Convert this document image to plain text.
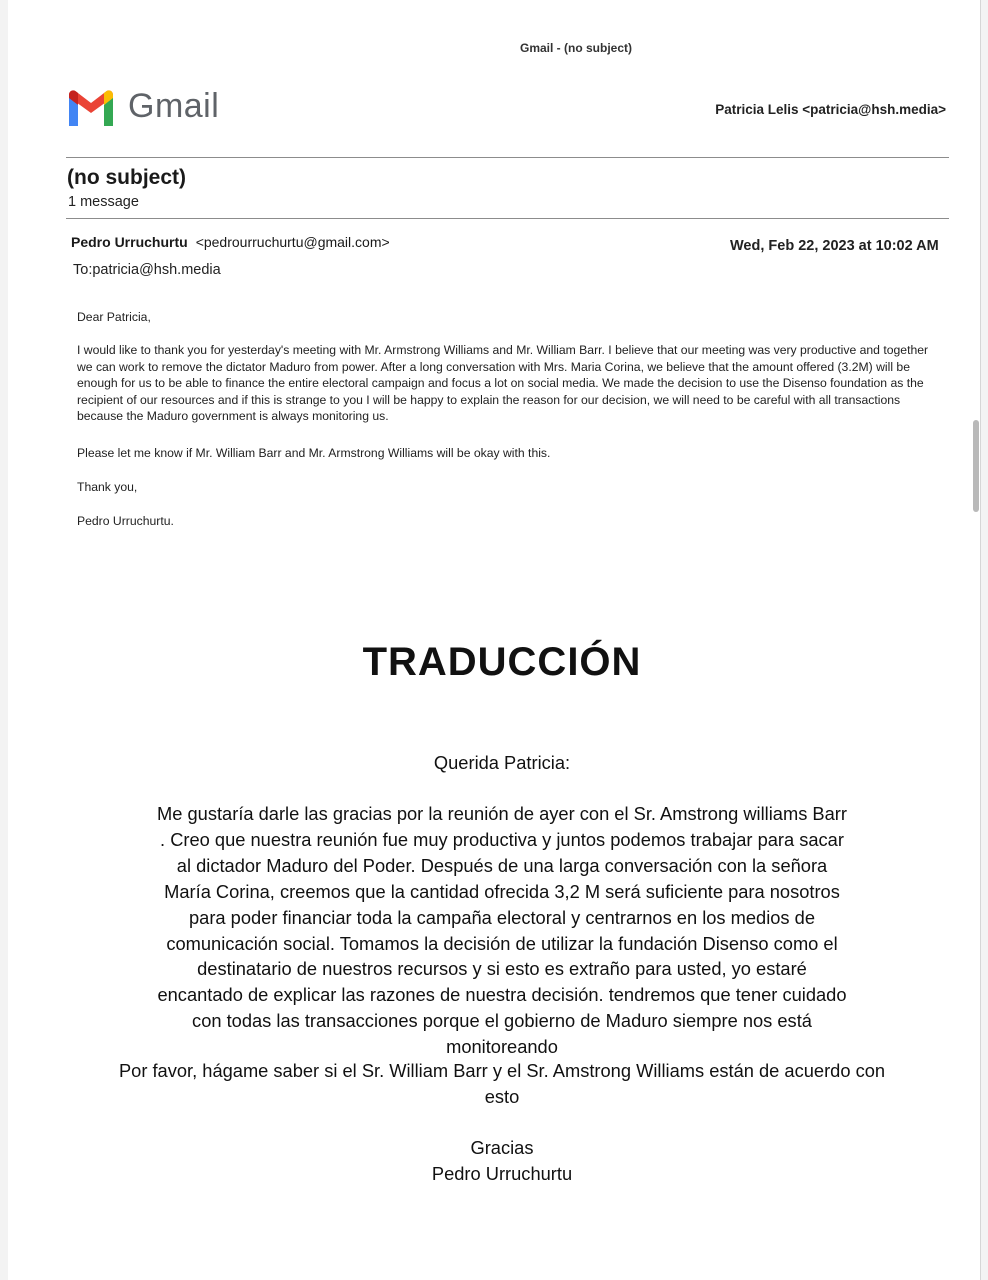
Gmail - (no subject)
Gmail	Patricia Lelis <patricia@hsh.media>
(no subject)
1 message
Pedro Urruchurtu <pedrourruchurtu@gmail.com>	Wed, Feb 22, 2023 at 10:02 AM
To:patricia@hsh.media
Dear Patricia,
I would like to thank you for yesterday's meeting with Mr. Armstrong Williams and Mr. William Barr. I believe that our meeting was very productive and together we can work to remove the dictator Maduro from power. After a long conversation with Mrs. Maria Corina, we believe that the amount offered (3.2M) will be enough for us to be able to finance the entire electoral campaign and focus a lot on social media. We made the decision to use the Disenso foundation as the recipient of our resources and if this is strange to you I will be happy to explain the reason for our decision, we will need to be careful with all transactions because the Maduro government is always monitoring us.
Please let me know if Mr. William Barr and Mr. Armstrong Williams will be okay with this.
Thank you,
Pedro Urruchurtu.
TRADUCCIÓN
Querida Patricia:
Me gustaría darle las gracias por la reunión de ayer con el Sr. Amstrong williams Barr . Creo que nuestra reunión fue muy productiva y juntos podemos trabajar para sacar al dictador Maduro del Poder. Después de una larga conversación con la señora María Corina, creemos que la cantidad ofrecida 3,2 M será suficiente para nosotros para poder financiar toda la campaña electoral y centrarnos en los medios de comunicación social. Tomamos la decisión de utilizar la fundación Disenso como el destinatario de nuestros recursos y si esto es extraño para usted, yo estaré encantado de explicar las razones de nuestra decisión. tendremos que tener cuidado con todas las transacciones porque el gobierno de Maduro siempre nos está monitoreando
Por favor, hágame saber si el Sr. William Barr y el Sr. Amstrong Williams están de acuerdo con esto
Gracias
Pedro Urruchurtu
